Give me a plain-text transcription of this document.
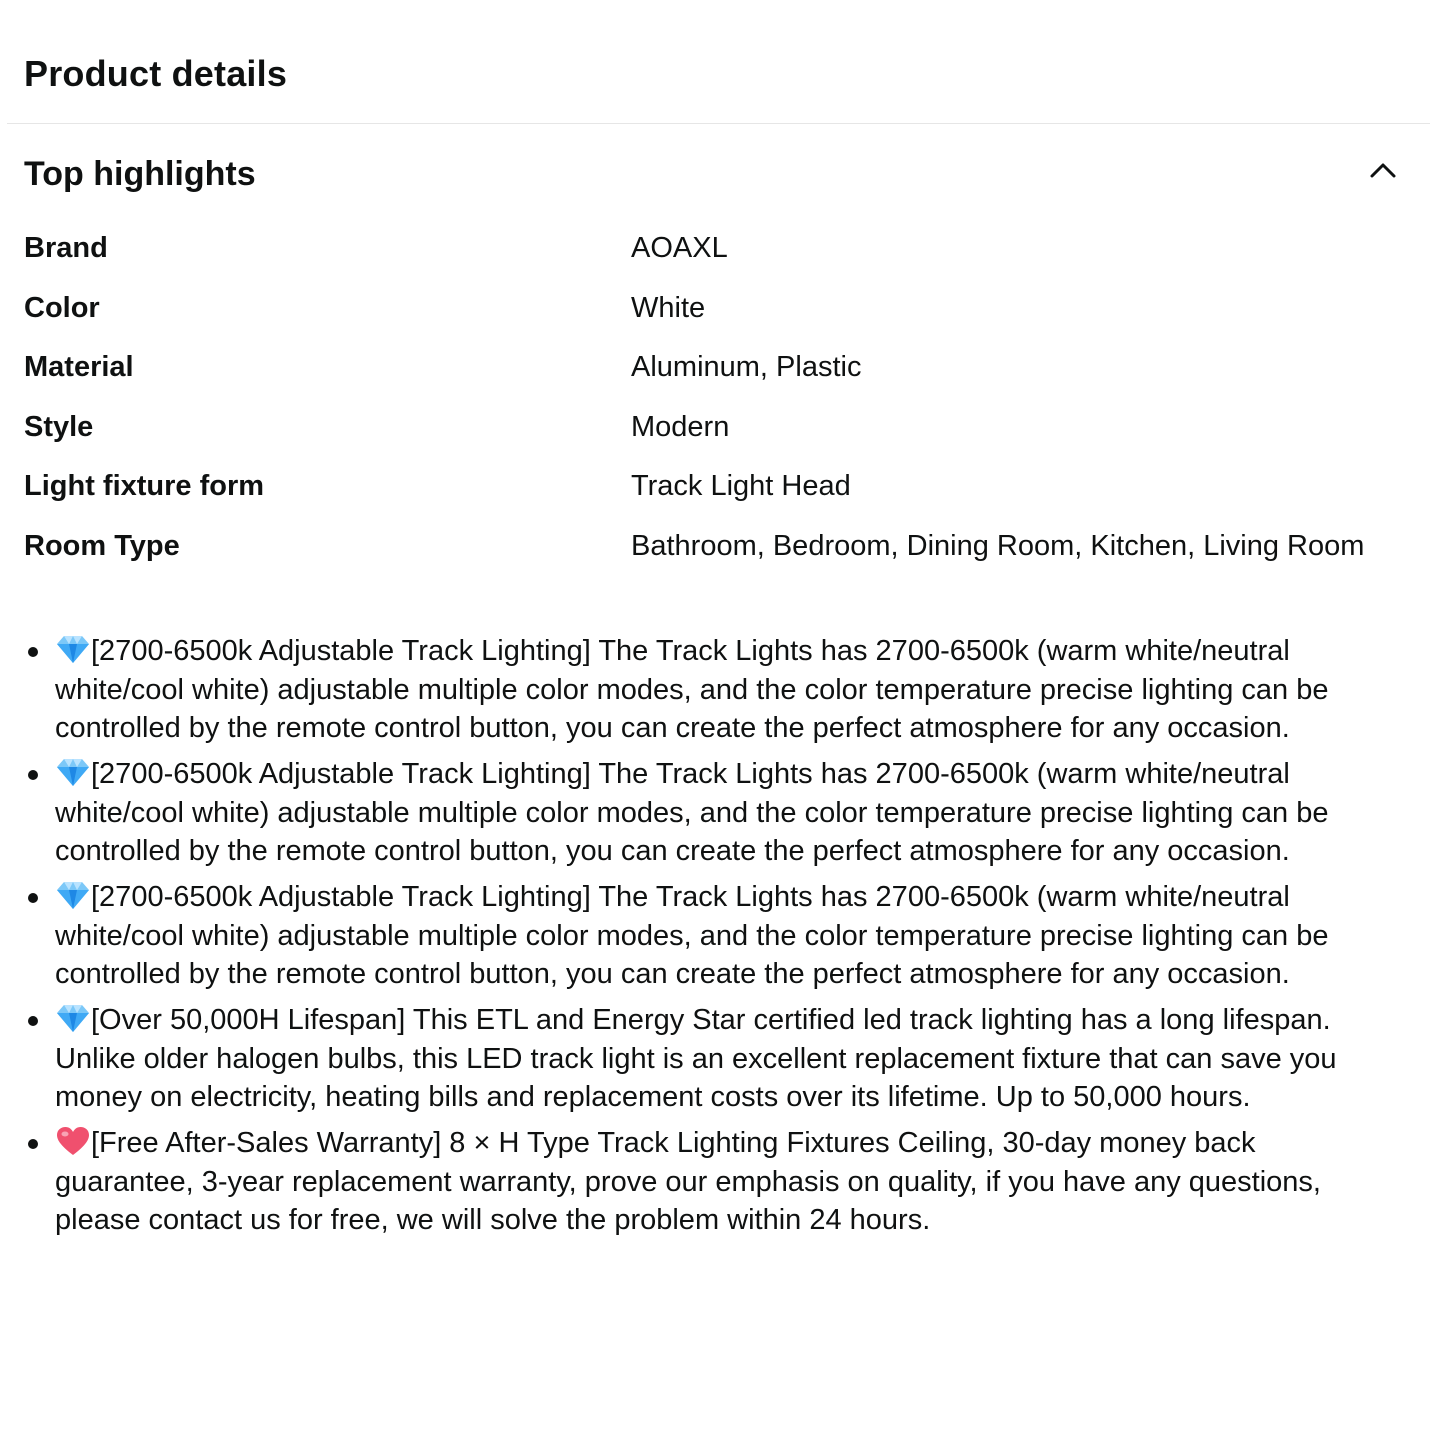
Product details
Top highlights
Brand	AOAXL
Color	White
Material	Aluminum, Plastic
Style	Modern
Light fixture form	Track Light Head
Room Type	Bathroom, Bedroom, Dining Room, Kitchen, Living Room
[2700-6500k Adjustable Track Lighting] The Track Lights has 2700-6500k (warm white/neutral white/cool white) adjustable multiple color modes, and the color temperature precise lighting can be controlled by the remote control button, you can create the perfect atmosphere for any occasion.
[2700-6500k Adjustable Track Lighting] The Track Lights has 2700-6500k (warm white/neutral white/cool white) adjustable multiple color modes, and the color temperature precise lighting can be controlled by the remote control button, you can create the perfect atmosphere for any occasion.
[2700-6500k Adjustable Track Lighting] The Track Lights has 2700-6500k (warm white/neutral white/cool white) adjustable multiple color modes, and the color temperature precise lighting can be controlled by the remote control button, you can create the perfect atmosphere for any occasion.
[Over 50,000H Lifespan] This ETL and Energy Star certified led track lighting has a long lifespan. Unlike older halogen bulbs, this LED track light is an excellent replacement fixture that can save you money on electricity, heating bills and replacement costs over its lifetime. Up to 50,000 hours.
[Free After-Sales Warranty] 8 × H Type Track Lighting Fixtures Ceiling, 30-day money back guarantee, 3-year replacement warranty, prove our emphasis on quality, if you have any questions, please contact us for free, we will solve the problem within 24 hours.
